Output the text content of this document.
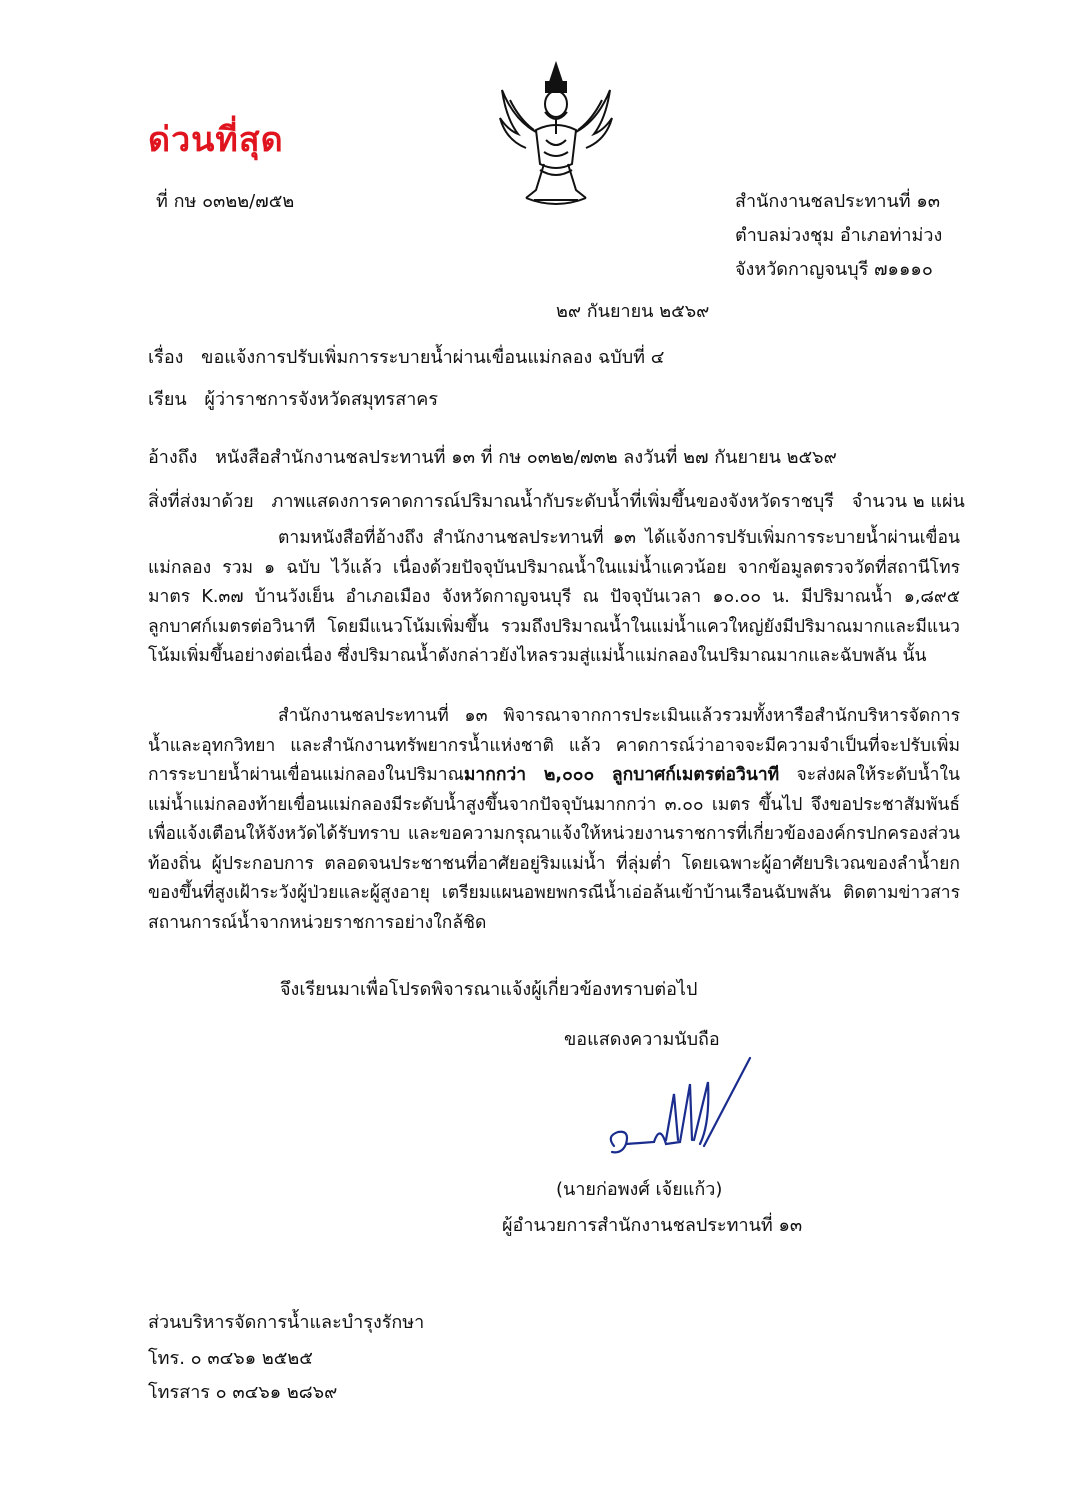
ด่วนที่สุด
ที่ กษ ๐๓๒๒/๗๕๒	สำนักงานชลประทานที่ ๑๓
ตำบลม่วงชุม อำเภอท่าม่วง
จังหวัดกาญจนบุรี ๗๑๑๑๐
๒๙ กันยายน ๒๕๖๙
เรื่อง ขอแจ้งการปรับเพิ่มการระบายน้ำผ่านเขื่อนแม่กลอง ฉบับที่ ๔
เรียน ผู้ว่าราชการจังหวัดสมุทรสาคร
อ้างถึง หนังสือสำนักงานชลประทานที่ ๑๓ ที่ กษ ๐๓๒๒/๗๓๒ ลงวันที่ ๒๗ กันยายน ๒๕๖๙
สิ่งที่ส่งมาด้วย ภาพแสดงการคาดการณ์ปริมาณน้ำกับระดับน้ำที่เพิ่มขึ้นของจังหวัดราชบุรี จำนวน ๒ แผ่น
ตามหนังสือที่อ้างถึง สำนักงานชลประทานที่ ๑๓ ได้แจ้งการปรับเพิ่มการระบายน้ำผ่านเขื่อนแม่กลอง รวม ๑ ฉบับ ไว้แล้ว เนื่องด้วยปัจจุบันปริมาณน้ำในแม่น้ำแควน้อย จากข้อมูลตรวจวัดที่สถานีโทรมาตร K.๓๗ บ้านวังเย็น อำเภอเมือง จังหวัดกาญจนบุรี ณ ปัจจุบันเวลา ๑๐.๐๐ น. มีปริมาณน้ำ ๑,๘๙๕ ลูกบาศก์เมตรต่อวินาที โดยมีแนวโน้มเพิ่มขึ้น รวมถึงปริมาณน้ำในแม่น้ำแควใหญ่ยังมีปริมาณมากและมีแนวโน้มเพิ่มขึ้นอย่างต่อเนื่อง ซึ่งปริมาณน้ำดังกล่าวยังไหลรวมสู่แม่น้ำแม่กลองในปริมาณมากและฉับพลัน นั้น
สำนักงานชลประทานที่ ๑๓ พิจารณาจากการประเมินแล้วรวมทั้งหารือสำนักบริหารจัดการน้ำและอุทกวิทยา และสำนักงานทรัพยากรน้ำแห่งชาติ แล้ว คาดการณ์ว่าอาจจะมีความจำเป็นที่จะปรับเพิ่มการระบายน้ำผ่านเขื่อนแม่กลองในปริมาณมากกว่า ๒,๐๐๐ ลูกบาศก์เมตรต่อวินาที จะส่งผลให้ระดับน้ำในแม่น้ำแม่กลองท้ายเขื่อนแม่กลองมีระดับน้ำสูงขึ้นจากปัจจุบันมากกว่า ๓.๐๐ เมตร ขึ้นไป จึงขอประชาสัมพันธ์เพื่อแจ้งเตือนให้จังหวัดได้รับทราบ และขอความกรุณาแจ้งให้หน่วยงานราชการที่เกี่ยวข้ององค์กรปกครองส่วนท้องถิ่น ผู้ประกอบการ ตลอดจนประชาชนที่อาศัยอยู่ริมแม่น้ำ ที่ลุ่มต่ำ โดยเฉพาะผู้อาศัยบริเวณของลำน้ำยกของขึ้นที่สูงเฝ้าระวังผู้ป่วยและผู้สูงอายุ เตรียมแผนอพยพกรณีน้ำเอ่อล้นเข้าบ้านเรือนฉับพลัน ติดตามข่าวสารสถานการณ์น้ำจากหน่วยราชการอย่างใกล้ชิด
จึงเรียนมาเพื่อโปรดพิจารณาแจ้งผู้เกี่ยวข้องทราบต่อไป
ขอแสดงความนับถือ
(นายก่อพงศ์ เจ้ยแก้ว)
ผู้อำนวยการสำนักงานชลประทานที่ ๑๓
ส่วนบริหารจัดการน้ำและบำรุงรักษา
โทร. ๐ ๓๔๖๑ ๒๕๒๕
โทรสาร ๐ ๓๔๖๑ ๒๘๖๙
